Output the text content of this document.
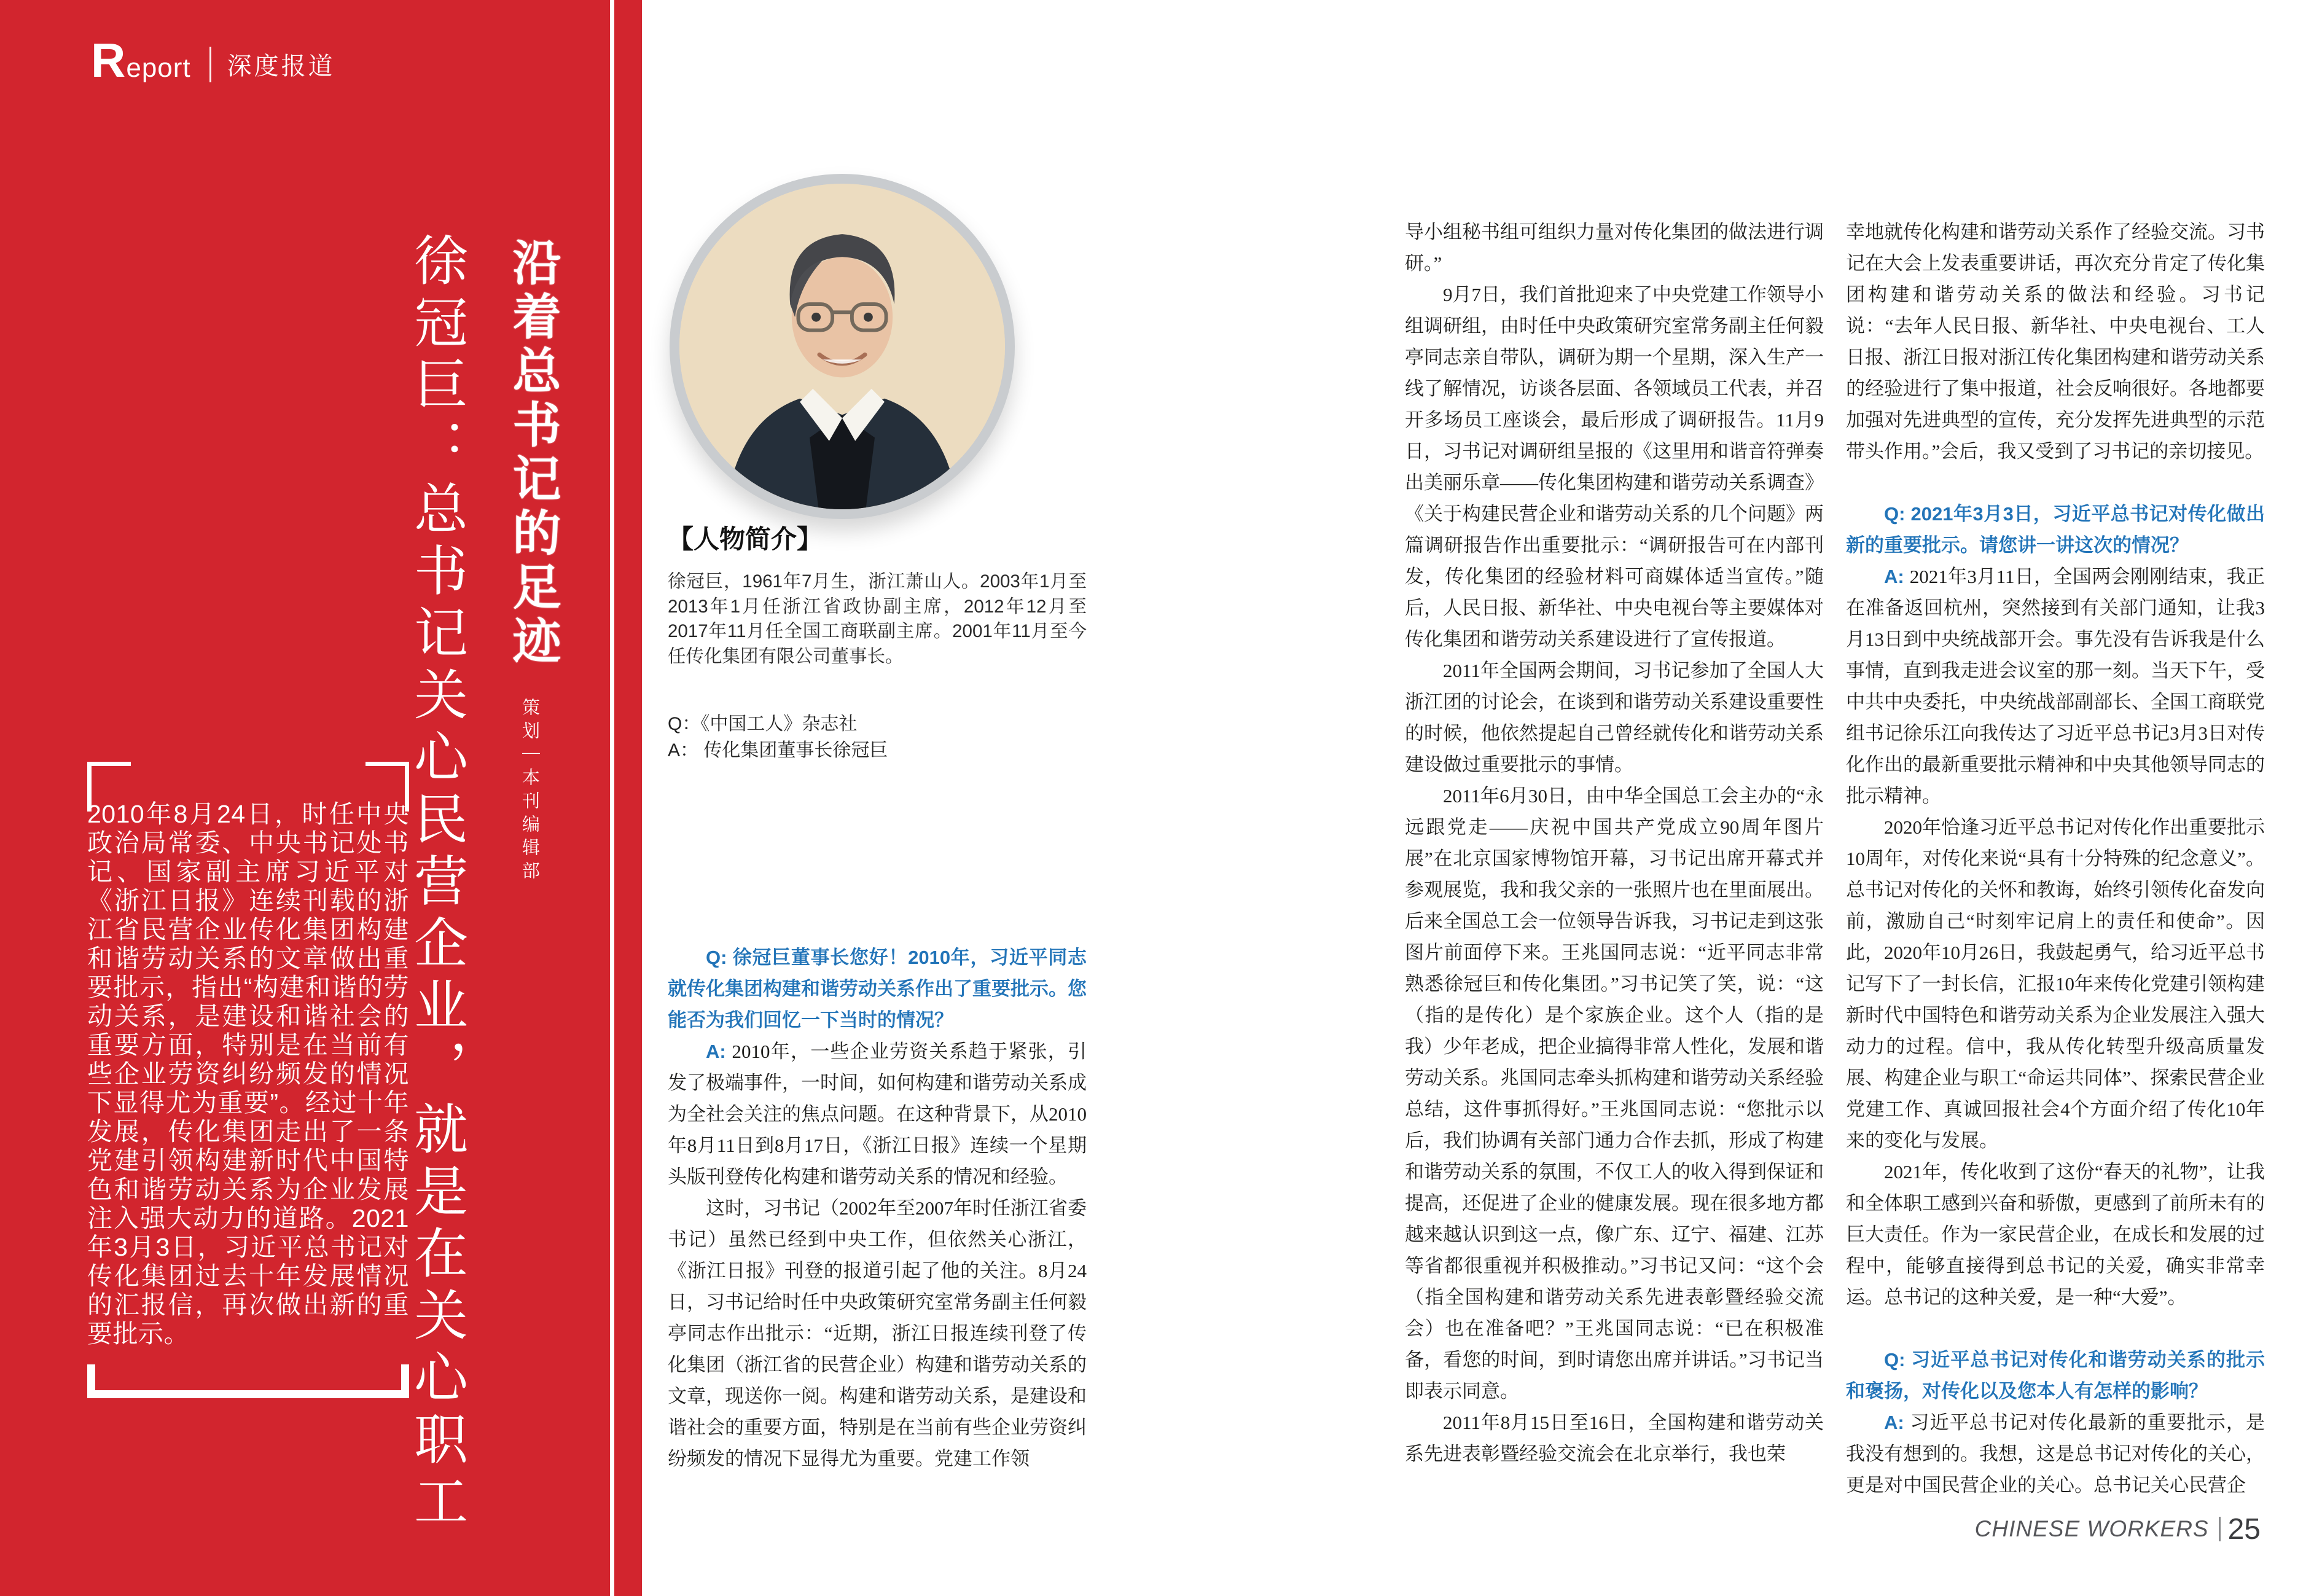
Report 深度报道
徐冠巨：总书记关心民营企业，就是在关心职工 沿着总书记的足迹
策划｜本刊编辑部
2010年8月24日，时任中央政治局常委、中央书记处书记、国家副主席习近平对《浙江日报》连续刊载的浙江省民营企业传化集团构建和谐劳动关系的文章做出重要批示，指出“构建和谐的劳动关系，是建设和谐社会的重要方面，特别是在当前有些企业劳资纠纷频发的情况下显得尤为重要”。经过十年发展，传化集团走出了一条党建引领构建新时代中国特色和谐劳动关系为企业发展注入强大动力的道路。2021年3月3日，习近平总书记对传化集团过去十年发展情况的汇报信，再次做出新的重要批示。
【人物简介】

徐冠巨，1961年7月生，浙江萧山人。2003年1月至2013年1月任浙江省政协副主席，2012年12月至2017年11月任全国工商联副主席。2001年11月至今任传化集团有限公司董事长。

Q：《中国工人》杂志社

A： 传化集团董事长徐冠巨

Q: 徐冠巨董事长您好！2010年，习近平同志就传化集团构建和谐劳动关系作出了重要批示。您能否为我们回忆一下当时的情况？

A: 2010年，一些企业劳资关系趋于紧张，引发了极端事件，一时间，如何构建和谐劳动关系成为全社会关注的焦点问题。在这种背景下，从2010年8月11日到8月17日，《浙江日报》连续一个星期头版刊登传化构建和谐劳动关系的情况和经验。

这时，习书记（2002年至2007年时任浙江省委书记）虽然已经到中央工作，但依然关心浙江，《浙江日报》刊登的报道引起了他的关注。8月24日，习书记给时任中央政策研究室常务副主任何毅亭同志作出批示：“近期，浙江日报连续刊登了传化集团（浙江省的民营企业）构建和谐劳动关系的文章，现送你一阅。构建和谐劳动关系，是建设和谐社会的重要方面，特别是在当前有些企业劳资纠纷频发的情况下显得尤为重要。党建工作领

导小组秘书组可组织力量对传化集团的做法进行调研。”

9月7日，我们首批迎来了中央党建工作领导小组调研组，由时任中央政策研究室常务副主任何毅亭同志亲自带队，调研为期一个星期，深入生产一线了解情况，访谈各层面、各领域员工代表，并召开多场员工座谈会，最后形成了调研报告。11月9日，习书记对调研组呈报的《这里用和谐音符弹奏出美丽乐章——传化集团构建和谐劳动关系调查》《关于构建民营企业和谐劳动关系的几个问题》两篇调研报告作出重要批示：“调研报告可在内部刊发，传化集团的经验材料可商媒体适当宣传。”随后，人民日报、新华社、中央电视台等主要媒体对传化集团和谐劳动关系建设进行了宣传报道。

2011年全国两会期间，习书记参加了全国人大浙江团的讨论会，在谈到和谐劳动关系建设重要性的时候，他依然提起自己曾经就传化和谐劳动关系建设做过重要批示的事情。

2011年6月30日，由中华全国总工会主办的“永远跟党走——庆祝中国共产党成立90周年图片展”在北京国家博物馆开幕，习书记出席开幕式并参观展览，我和我父亲的一张照片也在里面展出。后来全国总工会一位领导告诉我，习书记走到这张图片前面停下来。王兆国同志说：“近平同志非常熟悉徐冠巨和传化集团。”习书记笑了笑，说：“这（指的是传化）是个家族企业。这个人（指的是我）少年老成，把企业搞得非常人性化，发展和谐劳动关系。兆国同志牵头抓构建和谐劳动关系经验总结，这件事抓得好。”王兆国同志说：“您批示以后，我们协调有关部门通力合作去抓，形成了构建和谐劳动关系的氛围，不仅工人的收入得到保证和提高，还促进了企业的健康发展。现在很多地方都越来越认识到这一点，像广东、辽宁、福建、江苏等省都很重视并积极推动。”习书记又问：“这个会（指全国构建和谐劳动关系先进表彰暨经验交流会）也在准备吧？”王兆国同志说：“已在积极准备，看您的时间，到时请您出席并讲话。”习书记当即表示同意。

2011年8月15日至16日，全国构建和谐劳动关系先进表彰暨经验交流会在北京举行，我也荣

幸地就传化构建和谐劳动关系作了经验交流。习书记在大会上发表重要讲话，再次充分肯定了传化集团构建和谐劳动关系的做法和经验。习书记说：“去年人民日报、新华社、中央电视台、工人日报、浙江日报对浙江传化集团构建和谐劳动关系的经验进行了集中报道，社会反响很好。各地都要加强对先进典型的宣传，充分发挥先进典型的示范带头作用。”会后，我又受到了习书记的亲切接见。

Q: 2021年3月3日，习近平总书记对传化做出新的重要批示。请您讲一讲这次的情况？

A: 2021年3月11日，全国两会刚刚结束，我正在准备返回杭州，突然接到有关部门通知，让我3月13日到中央统战部开会。事先没有告诉我是什么事情，直到我走进会议室的那一刻。当天下午，受中共中央委托，中央统战部副部长、全国工商联党组书记徐乐江向我传达了习近平总书记3月3日对传化作出的最新重要批示精神和中央其他领导同志的批示精神。

2020年恰逢习近平总书记对传化作出重要批示10周年，对传化来说“具有十分特殊的纪念意义”。总书记对传化的关怀和教诲，始终引领传化奋发向前，激励自己“时刻牢记肩上的责任和使命”。因此，2020年10月26日，我鼓起勇气，给习近平总书记写下了一封长信，汇报10年来传化党建引领构建新时代中国特色和谐劳动关系为企业发展注入强大动力的过程。信中，我从传化转型升级高质量发展、构建企业与职工“命运共同体”、探索民营企业党建工作、真诚回报社会4个方面介绍了传化10年来的变化与发展。

2021年，传化收到了这份“春天的礼物”，让我和全体职工感到兴奋和骄傲，更感到了前所未有的巨大责任。作为一家民营企业，在成长和发展的过程中，能够直接得到总书记的关爱，确实非常幸运。总书记的这种关爱，是一种“大爱”。

Q: 习近平总书记对传化和谐劳动关系的批示和褒扬，对传化以及您本人有怎样的影响？

A: 习近平总书记对传化最新的重要批示，是我没有想到的。我想，这是总书记对传化的关心，更是对中国民营企业的关心。总书记关心民营企

CHINESE WORKERS 25
